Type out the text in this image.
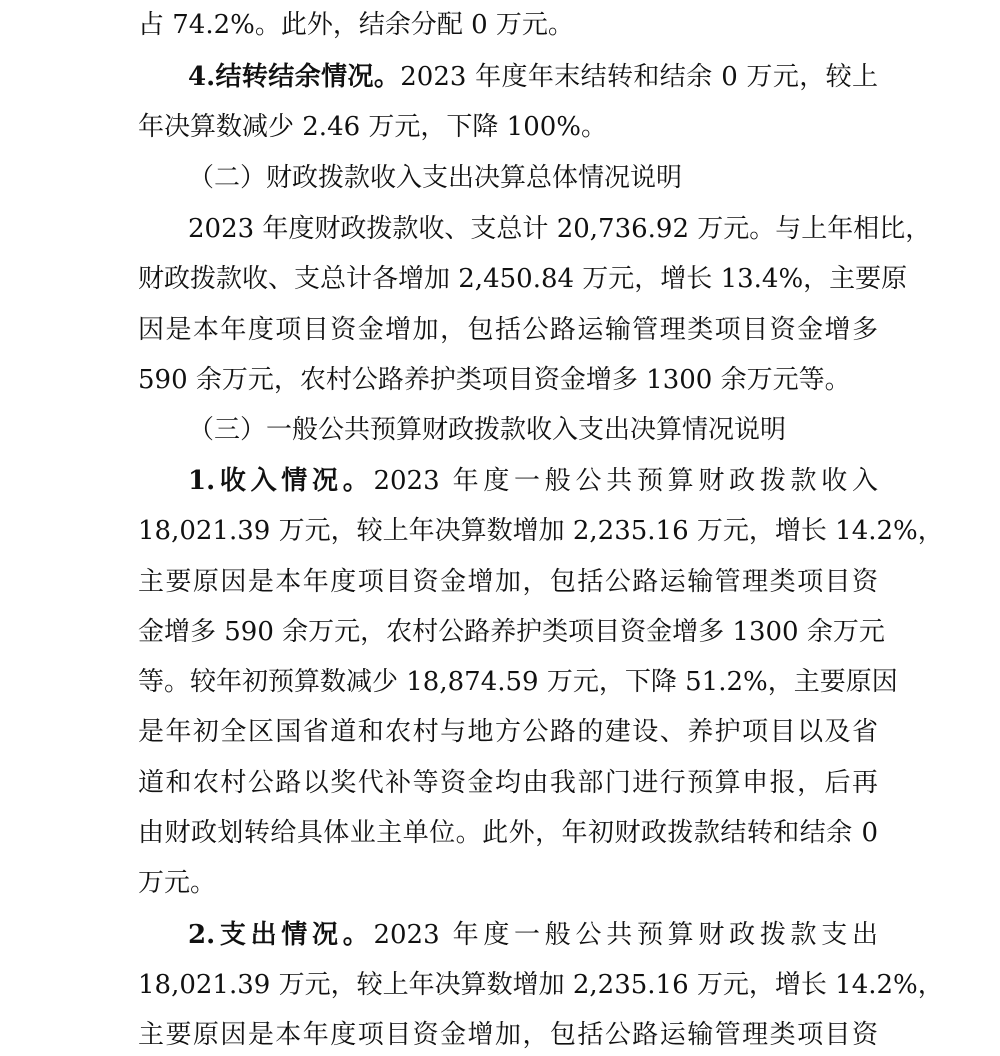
占 74.2%。此外，结余分配 0 万元。
4.结转结余情况。2023 年度年末结转和结余 0 万元，较上
年决算数减少 2.46 万元，下降 100%。
（二）财政拨款收入支出决算总体情况说明
2023 年度财政拨款收、支总计 20,736.92 万元。与上年相比，
财政拨款收、支总计各增加 2,450.84 万元，增长 13.4%，主要原
因是本年度项目资金增加，包括公路运输管理类项目资金增多
590 余万元，农村公路养护类项目资金增多 1300 余万元等。
（三）一般公共预算财政拨款收入支出决算情况说明
1.收入情况。2023 年度一般公共预算财政拨款收入
18,021.39 万元，较上年决算数增加 2,235.16 万元，增长 14.2%，
主要原因是本年度项目资金增加，包括公路运输管理类项目资
金增多 590 余万元，农村公路养护类项目资金增多 1300 余万元
等。较年初预算数减少 18,874.59 万元，下降 51.2%，主要原因
是年初全区国省道和农村与地方公路的建设、养护项目以及省
道和农村公路以奖代补等资金均由我部门进行预算申报，后再
由财政划转给具体业主单位。此外，年初财政拨款结转和结余 0
万元。
2.支出情况。2023 年度一般公共预算财政拨款支出
18,021.39 万元，较上年决算数增加 2,235.16 万元，增长 14.2%，
主要原因是本年度项目资金增加，包括公路运输管理类项目资
